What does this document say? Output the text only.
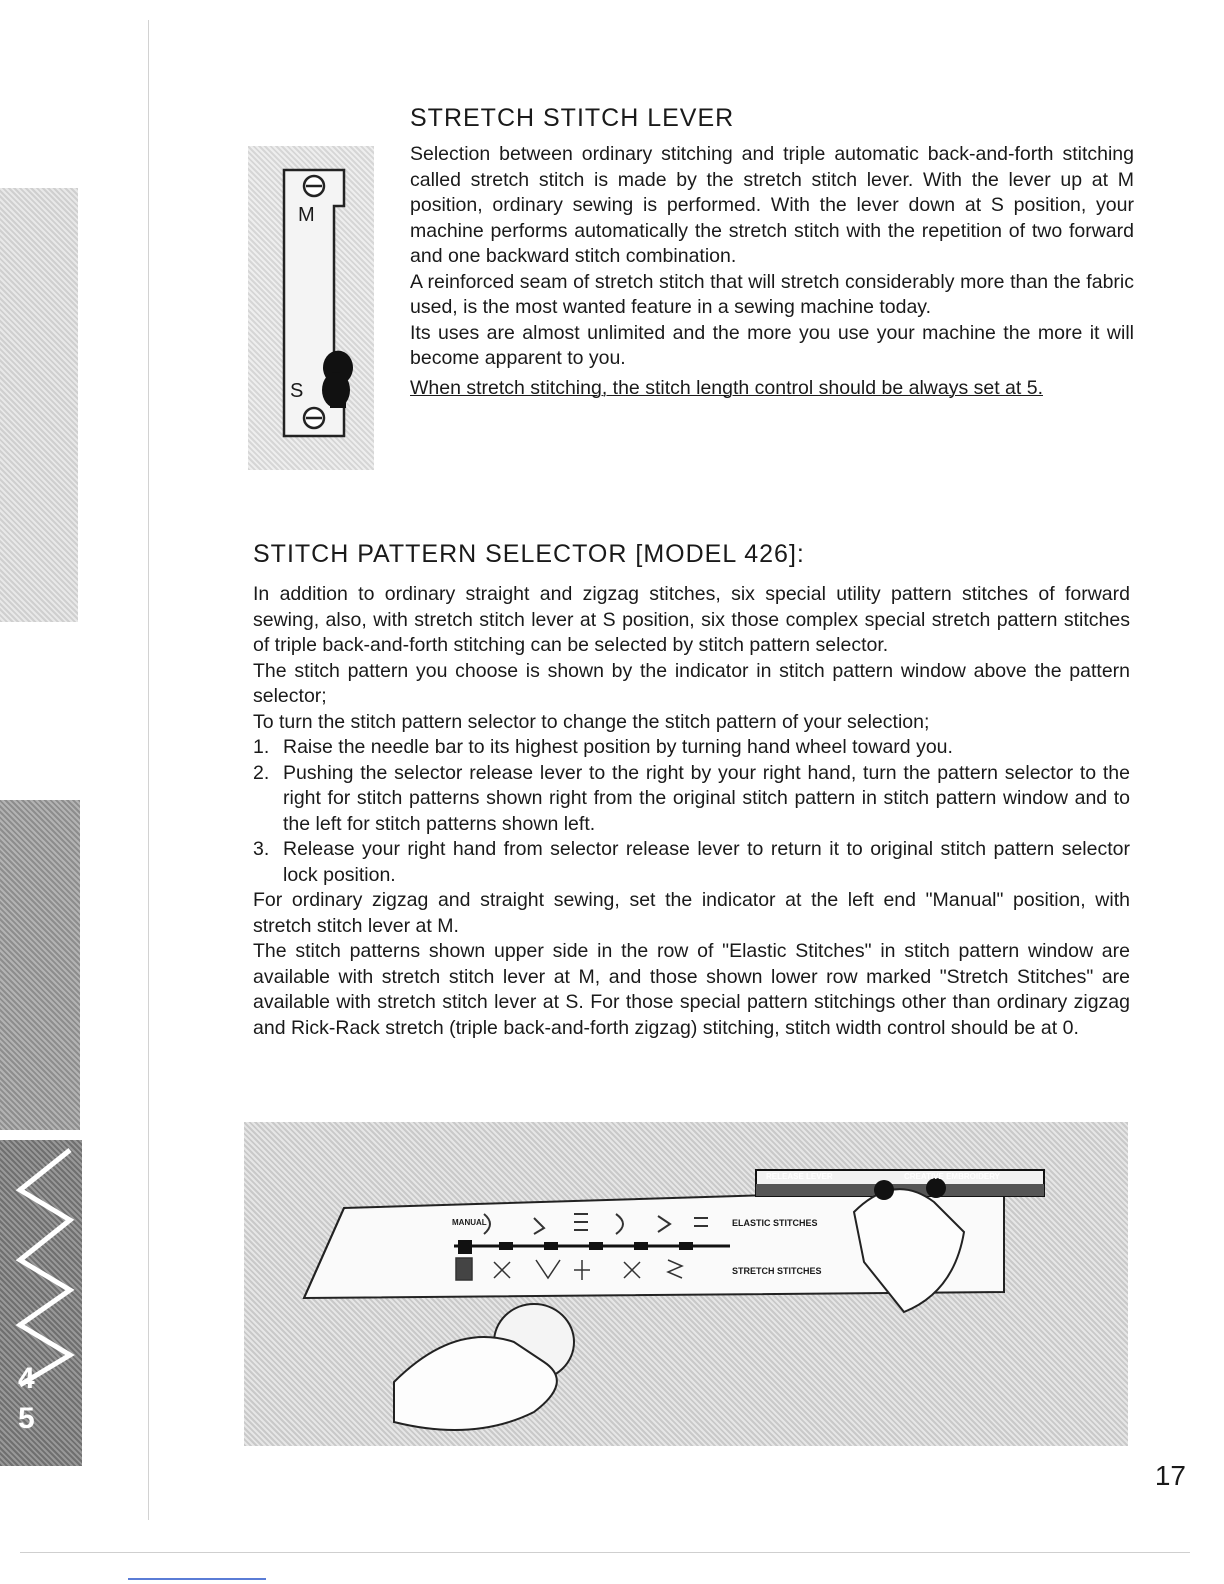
4
5
M
S
STRETCH STITCH LEVER

Selection between ordinary stitching and triple automatic back-and-forth stitching called stretch stitch is made by the stretch stitch lever. With the lever up at M position, ordinary sewing is performed. With the lever down at S position, your machine performs automatically the stretch stitch with the repetition of two forward and one backward stitch combination.

A reinforced seam of stretch stitch that will stretch considerably more than the fabric used, is the most wanted feature in a sewing machine today.

Its uses are almost unlimited and the more you use your machine the more it will become apparent to you.

When stretch stitching, the stitch length control should be always set at 5.

STITCH PATTERN SELECTOR [MODEL 426]:

In addition to ordinary straight and zigzag stitches, six special utility pattern stitches of forward sewing, also, with stretch stitch lever at S position, six those complex special stretch pattern stitches of triple back-and-forth stitching can be selected by stitch pattern selector.

The stitch pattern you choose is shown by the indicator in stitch pattern window above the pattern selector;

To turn the stitch pattern selector to change the stitch pattern of your selection;

1. Raise the needle bar to its highest position by turning hand wheel toward you.
2. Pushing the selector release lever to the right by your right hand, turn the pattern selector to the right for stitch patterns shown right from the original stitch pattern in stitch pattern window and to the left for stitch patterns shown left.
3. Release your right hand from selector release lever to return it to original stitch pattern selector lock position.

For ordinary zigzag and straight sewing, set the indicator at the left end "Manual" position, with stretch stitch lever at M.

The stitch patterns shown upper side in the row of "Elastic Stitches" in stitch pattern window are available with stretch stitch lever at M, and those shown lower row marked "Stretch Stitches" are available with stretch stitch lever at S. For those special pattern stitchings other than ordinary zigzag and Rick-Rack stretch (triple back-and-forth zigzag) stitching, stitch width control should be at 0.

RELEASE LEVER	CREATIVE EMBROIDERY
MANUAL	ELASTIC STITCHES
STRETCH STITCHES
17
